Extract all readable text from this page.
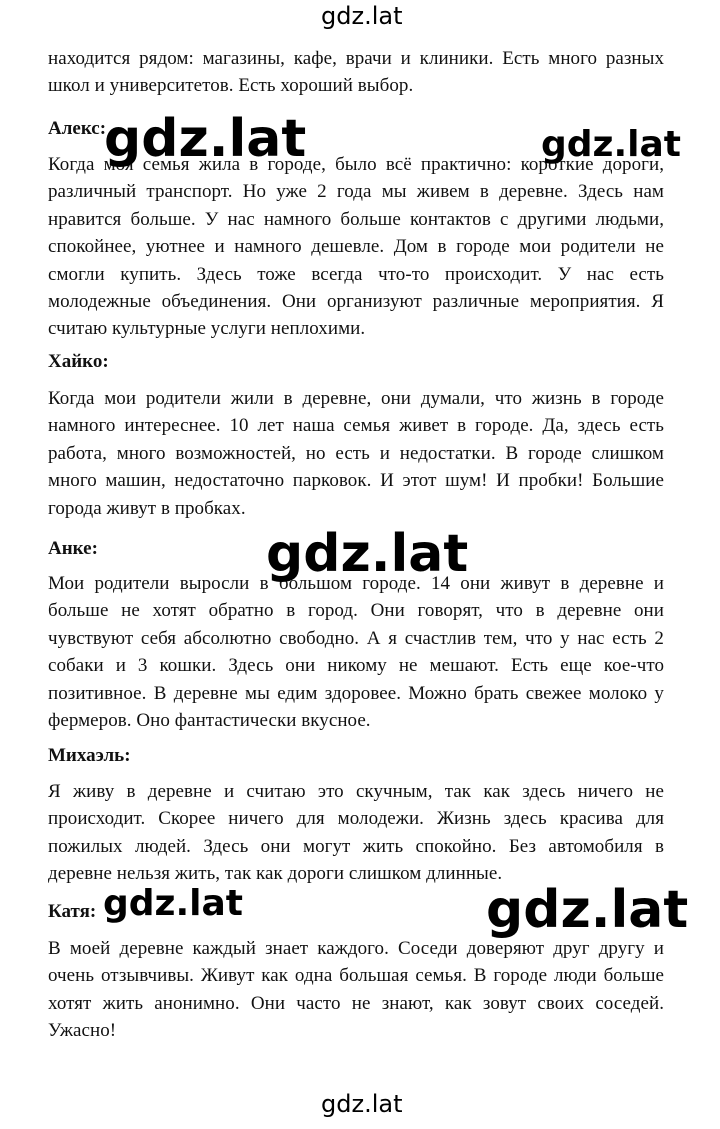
gdz.lat

находится рядом: магазины, кафе, врачи и клиники. Есть много разных школ и университетов. Есть хороший выбор.

Алекс:

Когда моя семья жила в городе, было всё практично: короткие дороги, различный транспорт. Но уже 2 года мы живем в деревне. Здесь нам нравится больше. У нас намного больше контактов с другими людьми, спокойнее, уютнее и намного дешевле. Дом в городе мои родители не смогли купить. Здесь тоже всегда что-то происходит. У нас есть молодежные объединения. Они организуют различные мероприятия. Я считаю культурные услуги неплохими.

Хайко:

Когда мои родители жили в деревне, они думали, что жизнь в городе намного интереснее. 10 лет наша семья живет в городе. Да, здесь есть работа, много возможностей, но есть и недостатки. В городе слишком много машин, недостаточно парковок. И этот шум! И пробки! Большие города живут в пробках.

Анке:

Мои родители выросли в большом городе. 14 они живут в деревне и больше не хотят обратно в город. Они говорят, что в деревне они чувствуют себя абсолютно свободно. А я счастлив тем, что у нас есть 2 собаки и 3 кошки. Здесь они никому не мешают. Есть еще кое-что позитивное. В деревне мы едим здоровее. Можно брать свежее молоко у фермеров. Оно фантастически вкусное.

Михаэль:

Я живу в деревне и считаю это скучным, так как здесь ничего не происходит. Скорее ничего для молодежи. Жизнь здесь красива для пожилых людей. Здесь они могут жить спокойно. Без автомобиля в деревне нельзя жить, так как дороги слишком длинные.

Катя:

В моей деревне каждый знает каждого. Соседи доверяют друг другу и очень отзывчивы. Живут как одна большая семья. В городе люди больше хотят жить анонимно. Они часто не знают, как зовут своих соседей. Ужасно!

gdz.lat	gdz.lat
gdz.lat
gdz.lat	gdz.lat
gdz.lat
